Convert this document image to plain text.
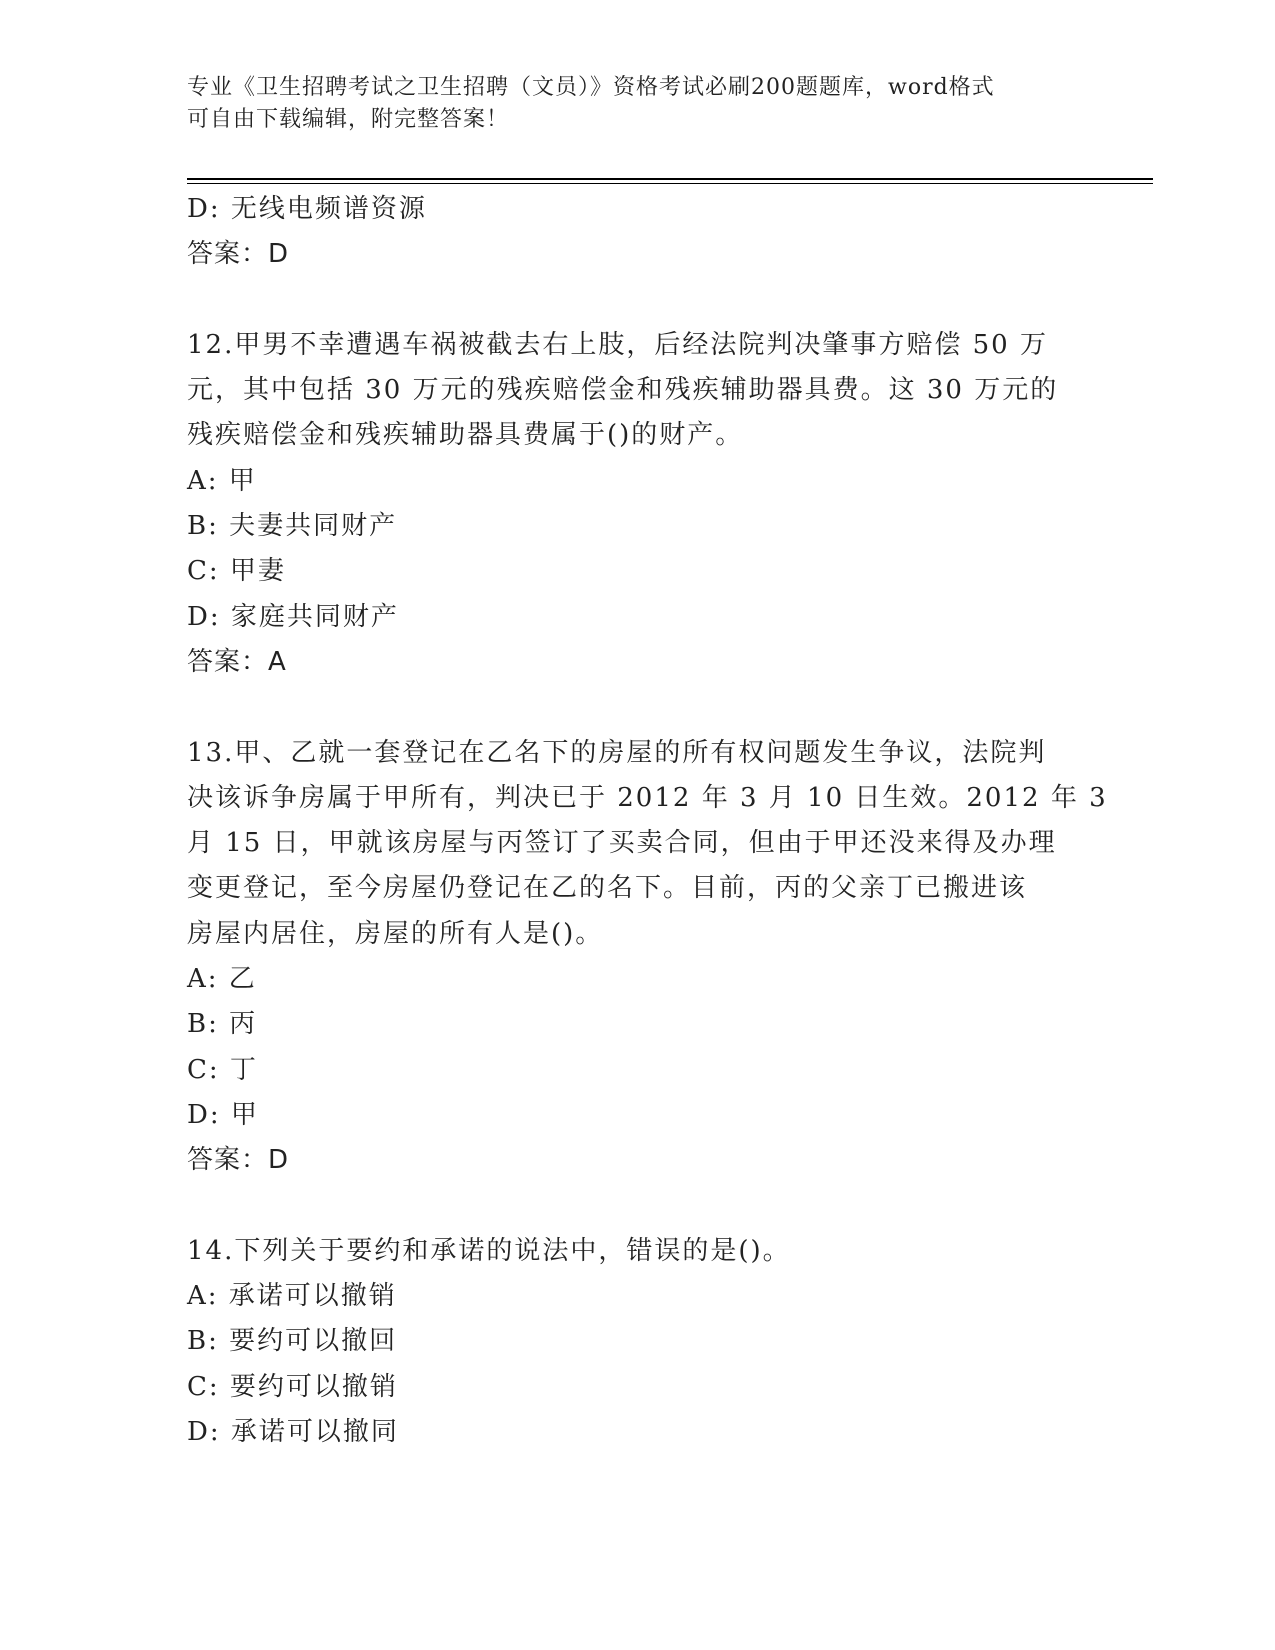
专业《卫生招聘考试之卫生招聘（文员）》资格考试必刷200题题库，word格式
可自由下载编辑，附完整答案！
D: 无线电频谱资源
答案：D
12.甲男不幸遭遇车祸被截去右上肢，后经法院判决肇事方赔偿 50 万
元，其中包括 30 万元的残疾赔偿金和残疾辅助器具费。这 30 万元的
残疾赔偿金和残疾辅助器具费属于()的财产。
A: 甲
B: 夫妻共同财产
C: 甲妻
D: 家庭共同财产
答案：A
13.甲、乙就一套登记在乙名下的房屋的所有权问题发生争议，法院判
决该诉争房属于甲所有，判决已于 2012 年 3 月 10 日生效。2012 年 3
月 15 日，甲就该房屋与丙签订了买卖合同，但由于甲还没来得及办理
变更登记，至今房屋仍登记在乙的名下。目前，丙的父亲丁已搬进该
房屋内居住，房屋的所有人是()。
A: 乙
B: 丙
C: 丁
D: 甲
答案：D
14.下列关于要约和承诺的说法中，错误的是()。
A: 承诺可以撤销
B: 要约可以撤回
C: 要约可以撤销
D: 承诺可以撤同
